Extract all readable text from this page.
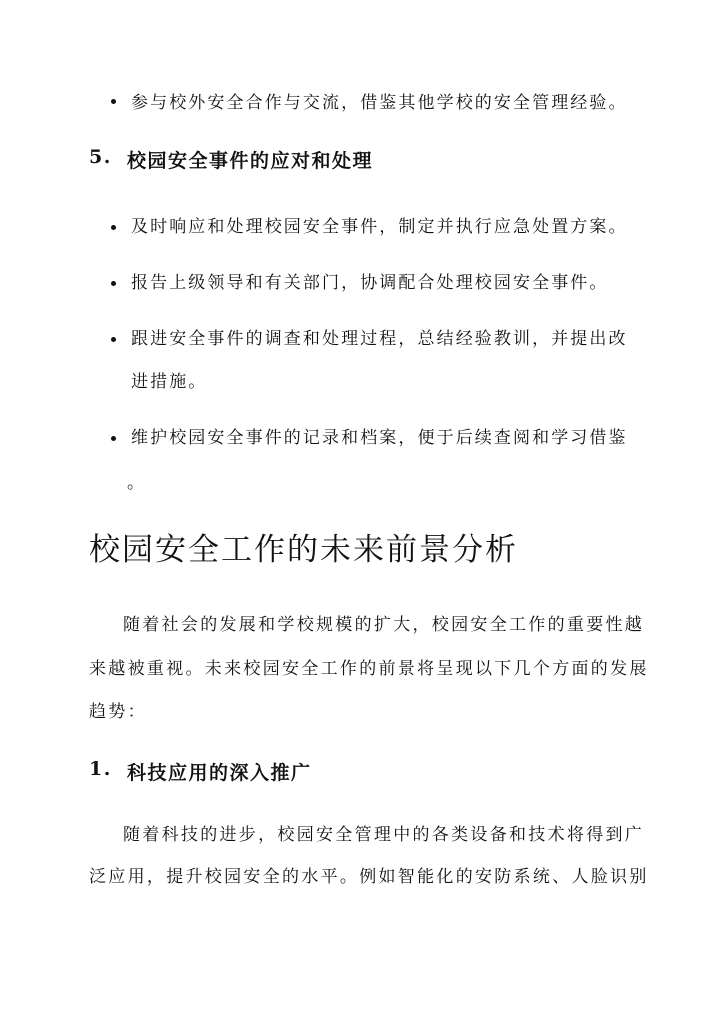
参与校外安全合作与交流，借鉴其他学校的安全管理经验。
5. 校园安全事件的应对和处理
及时响应和处理校园安全事件，制定并执行应急处置方案。
报告上级领导和有关部门，协调配合处理校园安全事件。
跟进安全事件的调查和处理过程，总结经验教训，并提出改
进措施。
维护校园安全事件的记录和档案，便于后续查阅和学习借鉴
。
校园安全工作的未来前景分析
随着社会的发展和学校规模的扩大，校园安全工作的重要性越
来越被重视。未来校园安全工作的前景将呈现以下几个方面的发展
趋势：
1. 科技应用的深入推广
随着科技的进步，校园安全管理中的各类设备和技术将得到广
泛应用，提升校园安全的水平。例如智能化的安防系统、人脸识别
